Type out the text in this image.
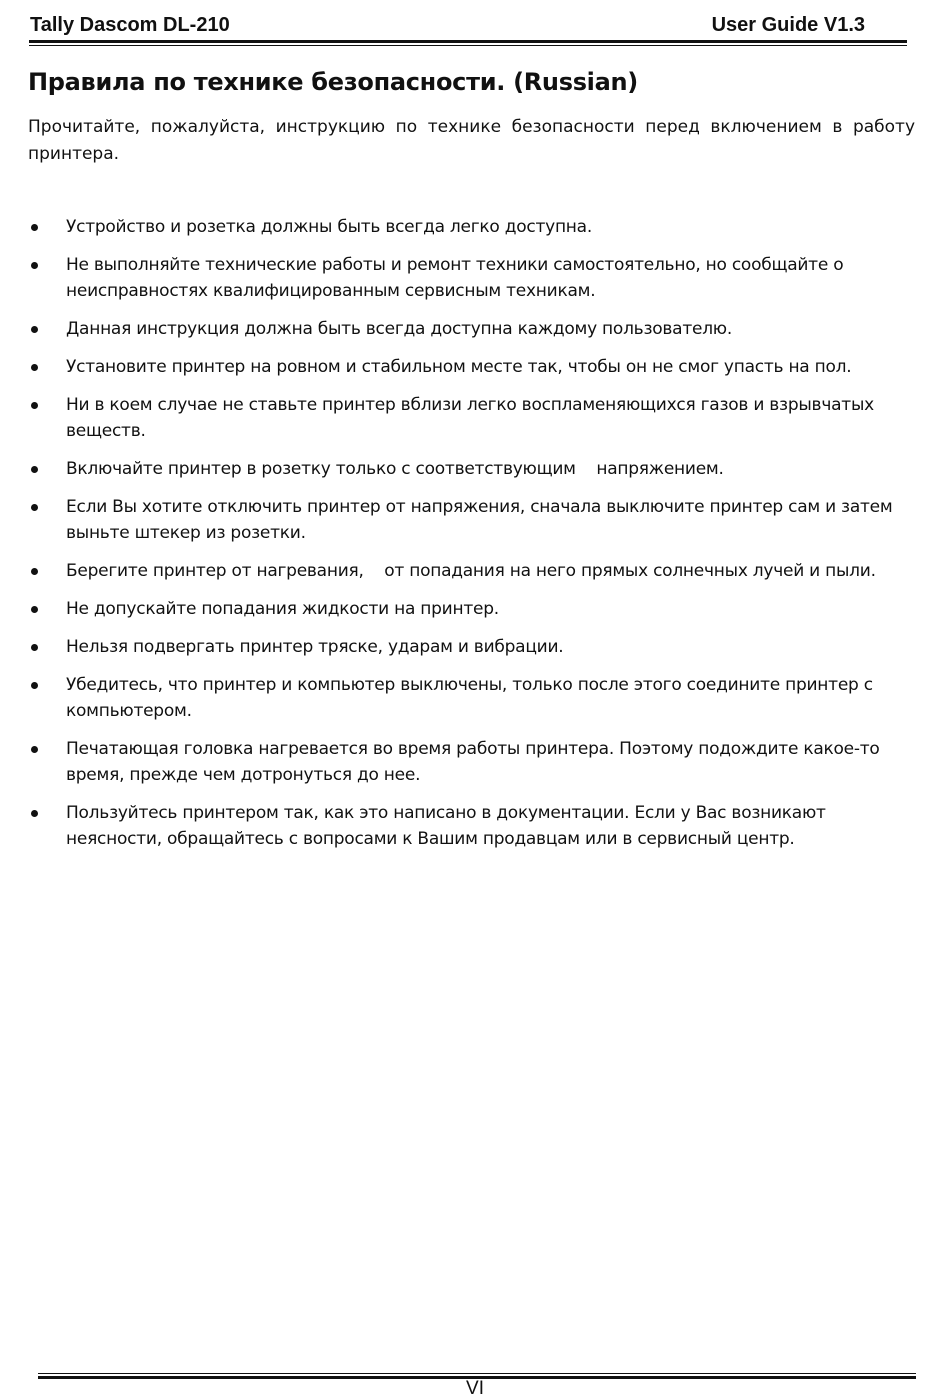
Tally Dascom DL-210	User Guide V1.3
Правила по технике безопасности. (Russian)

Прочитайте, пожалуйста, инструкцию по технике безопасности перед включением в работу
принтера.

Устройство и розетка должны быть всегда легко доступна.
Не выполняйте технические работы и ремонт техники самостоятельно, но сообщайте о неисправностях квалифицированным сервисным техникам.
Данная инструкция должна быть всегда доступна каждому пользователю.
Установите принтер на ровном и стабильном месте так, чтобы он не смог упасть на пол.
Ни в коем случае не ставьте принтер вблизи легко воспламеняющихся газов и взрывчатых веществ.
Включайте принтер в розетку только с соответствующим    напряжением.
Если Вы хотите отключить принтер от напряжения, сначала выключите принтер сам и затем выньте штекер из розетки.
Берегите принтер от нагревания,    от попадания на него прямых солнечных лучей и пыли.
Не допускайте попадания жидкости на принтер.
Нельзя подвергать принтер тряске, ударам и вибрации.
Убедитесь, что принтер и компьютер выключены, только после этого соедините принтер с компьютером.
Печатающая головка нагревается во время работы принтера. Поэтому подождите какое-то время, прежде чем дотронуться до нее.
Пользуйтесь принтером так, как это написано в документации. Если у Вас возникают неясности, обращайтесь с вопросами к Вашим продавцам или в сервисный центр.
VI
